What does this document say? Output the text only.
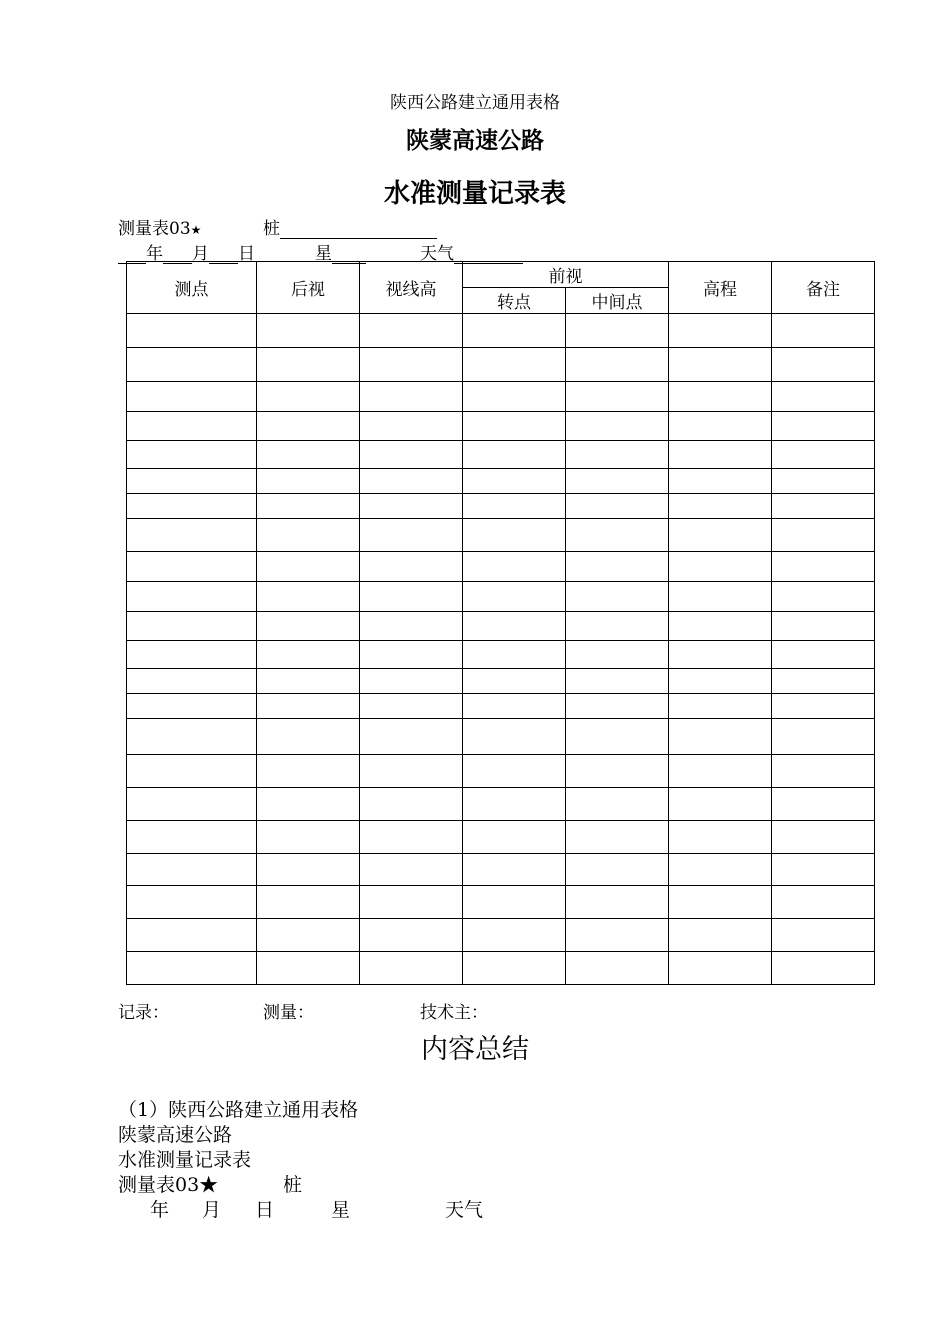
陕西公路建立通用表格
陕蒙高速公路
水准测量记录表
测量表03★	桩
年 月 日	星	天气
测点	后视	视线高	前视		高程	备注
			转点	中间点		

记录：	测量：	技术主：
内容总结
（1）陕西公路建立通用表格
陕蒙高速公路
水准测量记录表
测量表03★	桩
年 月 日	星	天气
